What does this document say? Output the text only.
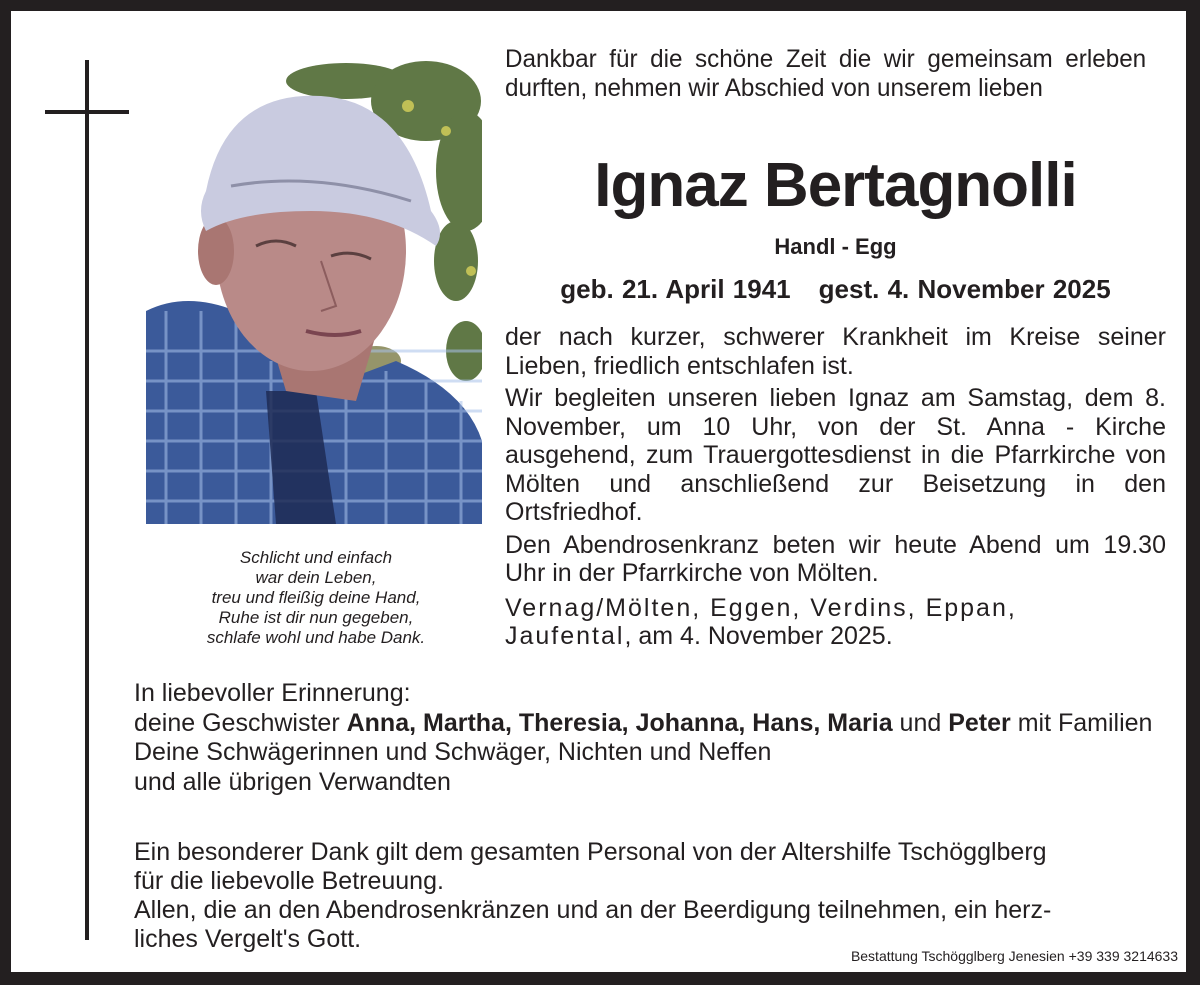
Schlicht und einfach
war dein Leben,
treu und fleißig deine Hand,
Ruhe ist dir nun gegeben,
schlafe wohl und habe Dank.
Dankbar für die schöne Zeit die wir gemeinsam erleben durften, nehmen wir Abschied von unserem lieben
Ignaz Bertagnolli
Handl - Egg
geb. 21. April 1941 gest. 4. November 2025

der nach kurzer, schwerer Krankheit im Kreise seiner Lieben, friedlich entschlafen ist.

Wir begleiten unseren lieben Ignaz am Samstag, dem 8. November, um 10 Uhr, von der St. Anna - Kirche ausgehend, zum Trauergottesdienst in die Pfarrkirche von Mölten und anschließend zur Beisetzung in den Ortsfriedhof.

Den Abendrosenkranz beten wir heute Abend um 19.30 Uhr in der Pfarrkirche von Mölten.

Vernag/Mölten, Eggen, Verdins, Eppan,
Jaufental, am 4. November 2025.

In liebevoller Erinnerung:
deine Geschwister Anna, Martha, Theresia, Johanna, Hans, Maria und Peter mit Familien
Deine Schwägerinnen und Schwäger, Nichten und Neffen
und alle übrigen Verwandten
Ein besonderer Dank gilt dem gesamten Personal von der Altershilfe Tschögglberg
für die liebevolle Betreuung.
Allen, die an den Abendrosenkränzen und an der Beerdigung teilnehmen, ein herz-
liches Vergelt's Gott.
Bestattung Tschögglberg Jenesien +39 339 3214633
